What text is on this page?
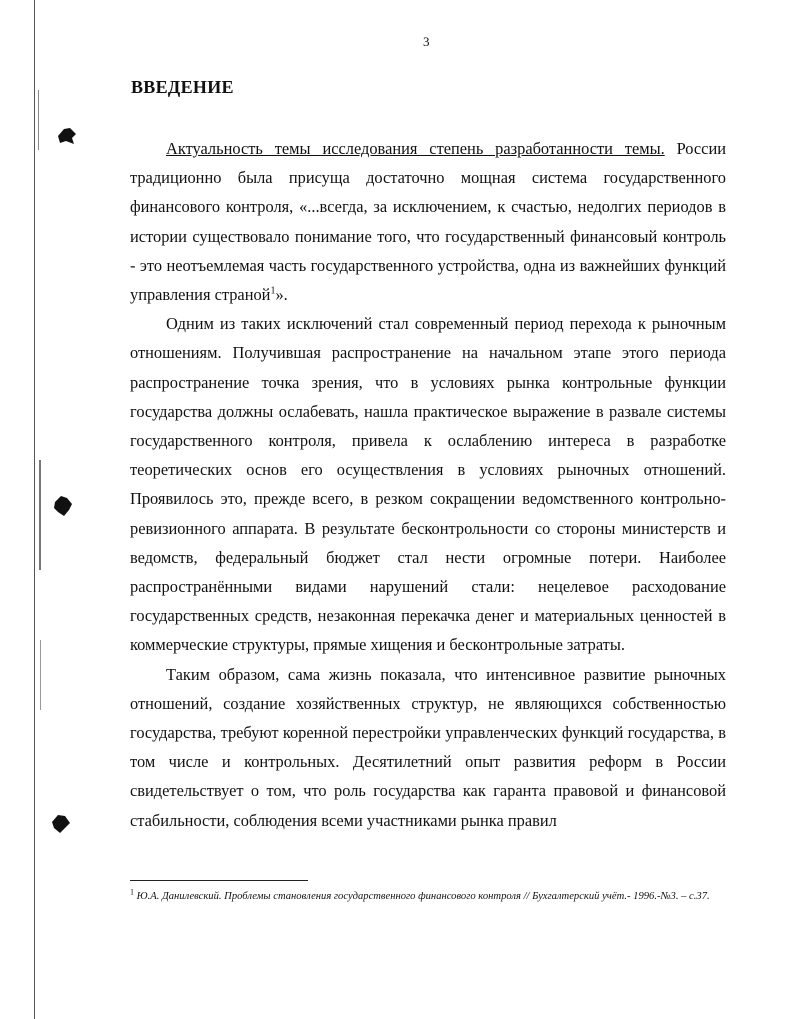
3
ВВЕДЕНИЕ

Актуальность темы исследования степень разработанности темы. России традиционно была присуща достаточно мощная система государственного финансового контроля, «...всегда, за исключением, к счастью, недолгих периодов в истории существовало понимание того, что государственный финансовый контроль - это неотъемлемая часть государственного устройства, одна из важнейших функций управления страной$^1$».

Одним из таких исключений стал современный период перехода к рыночным отношениям. Получившая распространение на начальном этапе этого периода распространение точка зрения, что в условиях рынка контрольные функции государства должны ослабевать, нашла практическое выражение в развале системы государственного контроля, привела к ослаблению интереса в разработке теоретических основ его осуществления в условиях рыночных отношений. Проявилось это, прежде всего, в резком сокращении ведомственного контрольно-ревизионного аппарата. В результате бесконтрольности со стороны министерств и ведомств, федеральный бюджет стал нести огромные потери. Наиболее распространёнными видами нарушений стали: нецелевое расходование государственных средств, незаконная перекачка денег и материальных ценностей в коммерческие структуры, прямые хищения и бесконтрольные затраты.

Таким образом, сама жизнь показала, что интенсивное развитие рыночных отношений, создание хозяйственных структур, не являющихся собственностью государства, требуют коренной перестройки управленческих функций государства, в том числе и контрольных. Десятилетний опыт развития реформ в России свидетельствует о том, что роль государства как гаранта правовой и финансовой стабильности, соблюдения всеми участниками рынка правил

$^1$ Ю.А. Данилевский. Проблемы становления государственного финансового контроля // Бухгалтерский учёт.- 1996.-№3. – с.37.
